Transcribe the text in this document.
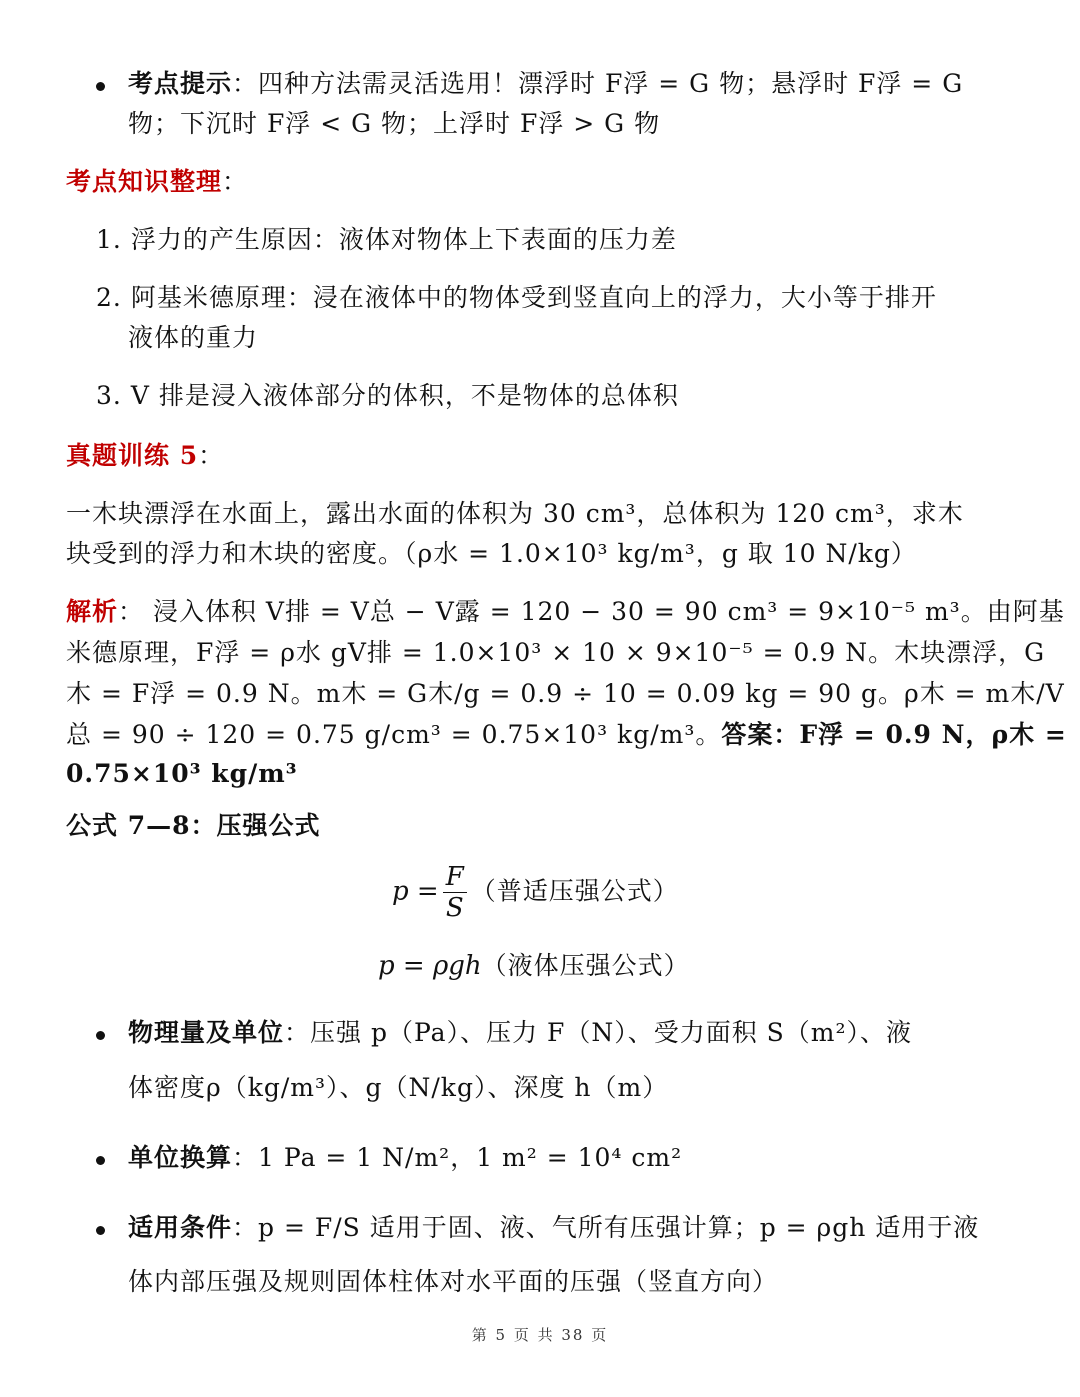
考点提示：四种方法需灵活选用！漂浮时 F浮 = G 物；悬浮时 F浮 = G
物；下沉时 F浮 < G 物；上浮时 F浮 > G 物
考点知识整理：
1. 浮力的产生原因：液体对物体上下表面的压力差
2. 阿基米德原理：浸在液体中的物体受到竖直向上的浮力，大小等于排开
液体的重力
3. V 排是浸入液体部分的体积，不是物体的总体积
真题训练 5：
一木块漂浮在水面上，露出水面的体积为 30 cm³，总体积为 120 cm³，求木
块受到的浮力和木块的密度。（ρ水 = 1.0×10³ kg/m³，g 取 10 N/kg）
解析： 浸入体积 V排 = V总 − V露 = 120 − 30 = 90 cm³ = 9×10⁻⁵ m³。由阿基
米德原理，F浮 = ρ水 gV排 = 1.0×10³ × 10 × 9×10⁻⁵ = 0.9 N。木块漂浮，G
木 = F浮 = 0.9 N。m木 = G木/g = 0.9 ÷ 10 = 0.09 kg = 90 g。ρ木 = m木/V
总 = 90 ÷ 120 = 0.75 g/cm³ = 0.75×10³ kg/m³。答案：F浮 = 0.9 N，ρ木 =
0.75×10³ kg/m³
公式 7—8：压强公式
$p = \frac{F}{S}$ （普适压强公式）
p = ρgh（液体压强公式）
物理量及单位：压强 p（Pa）、压力 F（N）、受力面积 S（m²）、液
体密度ρ（kg/m³）、g（N/kg）、深度 h（m）
单位换算：1 Pa = 1 N/m²，1 m² = 10⁴ cm²
适用条件：p = F/S 适用于固、液、气所有压强计算；p = ρgh 适用于液
体内部压强及规则固体柱体对水平面的压强（竖直方向）
第 5 页 共 38 页
